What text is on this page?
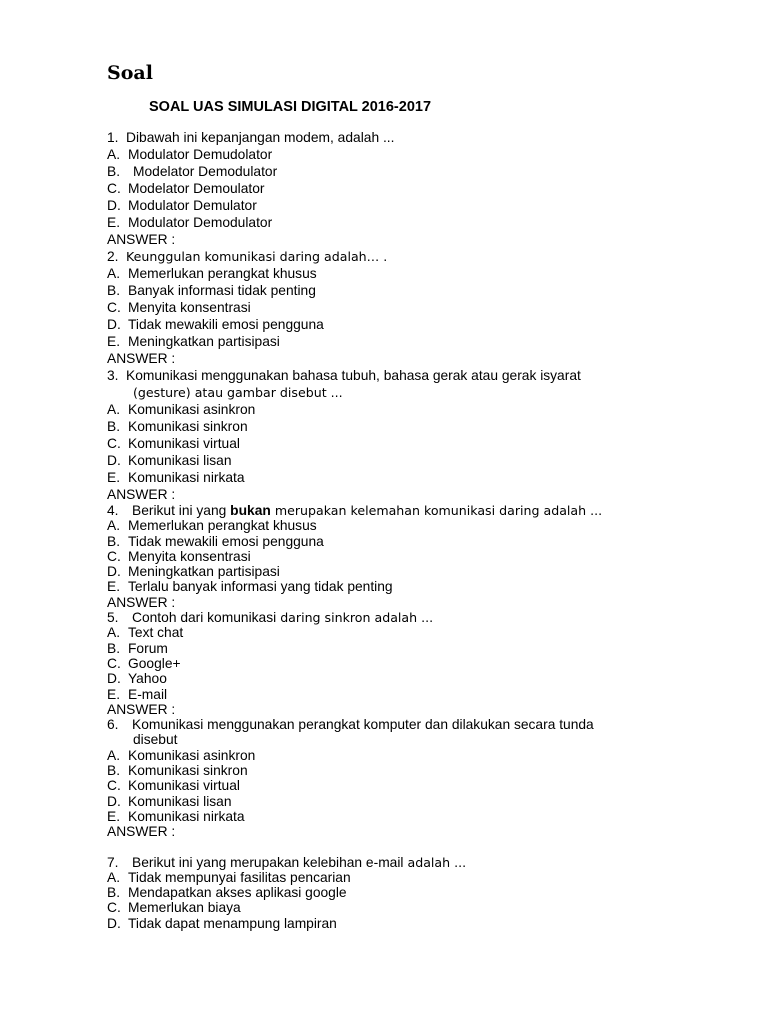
Soal
SOAL UAS SIMULASI DIGITAL 2016-2017
1. Dibawah ini kepanjangan modem, adalah ...
A. Modulator Demudolator
B. Modelator Demodulator
C. Modelator Demoulator
D. Modulator Demulator
E. Modulator Demodulator
ANSWER :
2. Keunggulan komunikasi daring adalah… .
A. Memerlukan perangkat khusus
B. Banyak informasi tidak penting
C. Menyita konsentrasi
D. Tidak mewakili emosi pengguna
E. Meningkatkan partisipasi
ANSWER :
3. Komunikasi menggunakan bahasa tubuh, bahasa gerak atau gerak isyarat
(gesture) atau gambar disebut ...
A. Komunikasi asinkron
B. Komunikasi sinkron
C. Komunikasi virtual
D. Komunikasi lisan
E. Komunikasi nirkata
ANSWER :
4. Berikut ini yang bukan merupakan kelemahan komunikasi daring adalah ...
A. Memerlukan perangkat khusus
B. Tidak mewakili emosi pengguna
C. Menyita konsentrasi
D. Meningkatkan partisipasi
E. Terlalu banyak informasi yang tidak penting
ANSWER :
5. Contoh dari komunikasi daring sinkron adalah ...
A. Text chat
B. Forum
C. Google+
D. Yahoo
E. E-mail
ANSWER :
6. Komunikasi menggunakan perangkat komputer dan dilakukan secara tunda
disebut
A. Komunikasi asinkron
B. Komunikasi sinkron
C. Komunikasi virtual
D. Komunikasi lisan
E. Komunikasi nirkata
ANSWER :
7. Berikut ini yang merupakan kelebihan e-mail adalah ...
A. Tidak mempunyai fasilitas pencarian
B. Mendapatkan akses aplikasi google
C. Memerlukan biaya
D. Tidak dapat menampung lampiran
